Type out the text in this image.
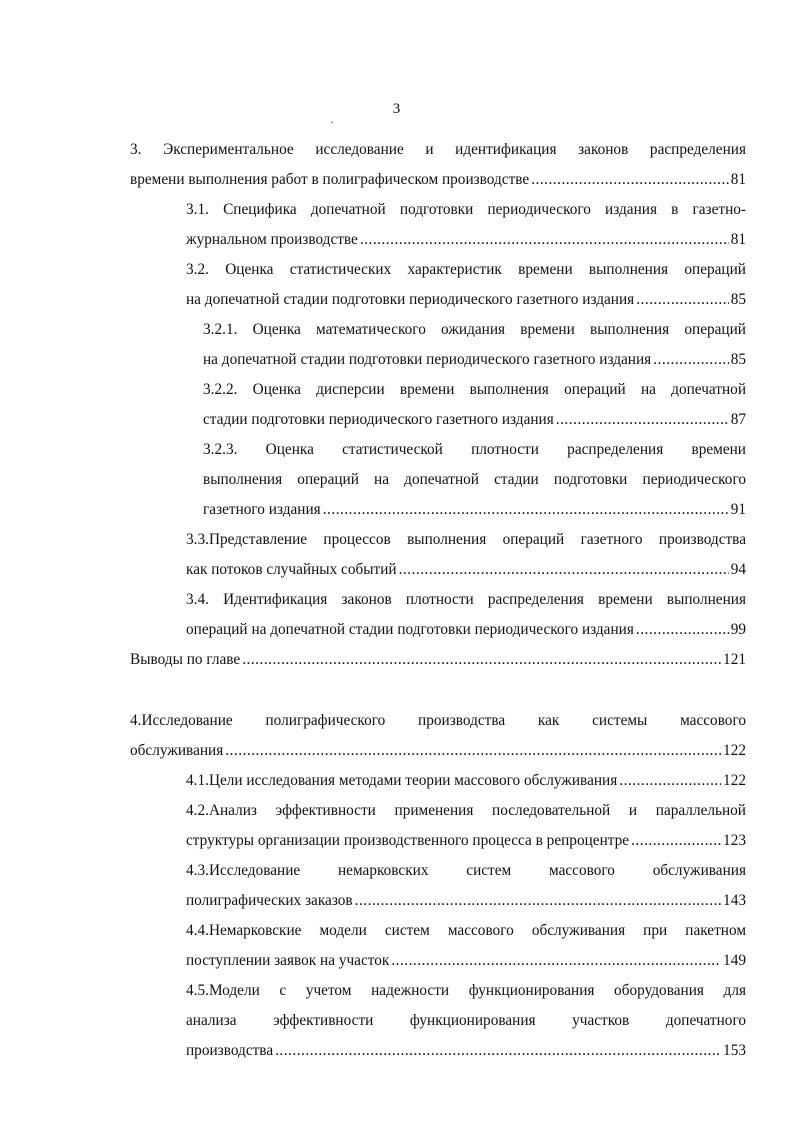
3
ˎ
3. Экспериментальное исследование и идентификация законов распределения
времени выполнения работ в полиграфическом производстве .....	81
3.1. Специфика допечатной подготовки периодического издания в газетно-
журнальном производстве .....	81
3.2. Оценка статистических характеристик времени выполнения операций
на допечатной стадии подготовки периодического газетного издания .....	85
3.2.1. Оценка математического ожидания времени выполнения операций
на допечатной стадии подготовки периодического газетного издания .....	85
3.2.2. Оценка дисперсии времени выполнения операций на допечатной
стадии подготовки периодического газетного издания .....	87
3.2.3. Оценка статистической плотности распределения времени
выполнения операций на допечатной стадии подготовки периодического
газетного издания .....	91
3.3.Представление процессов выполнения операций газетного производства
как потоков случайных событий .....	94
3.4. Идентификация законов плотности распределения времени выполнения
операций на допечатной стадии подготовки периодического издания .....	99
Выводы по главе .....	121
4.Исследование полиграфического производства как системы массового
обслуживания .....	122
4.1.Цели исследования методами теории массового обслуживания .....	122
4.2.Анализ эффективности применения последовательной и параллельной
структуры организации производственного процесса в репроцентре .....	123
4.3.Исследование немарковских систем массового обслуживания
полиграфических заказов .....	143
4.4.Немарковские модели систем массового обслуживания при пакетном
поступлении заявок на участок .....	149
4.5.Модели с учетом надежности функционирования оборудования для
анализа эффективности функционирования участков допечатного
производства .....	153
